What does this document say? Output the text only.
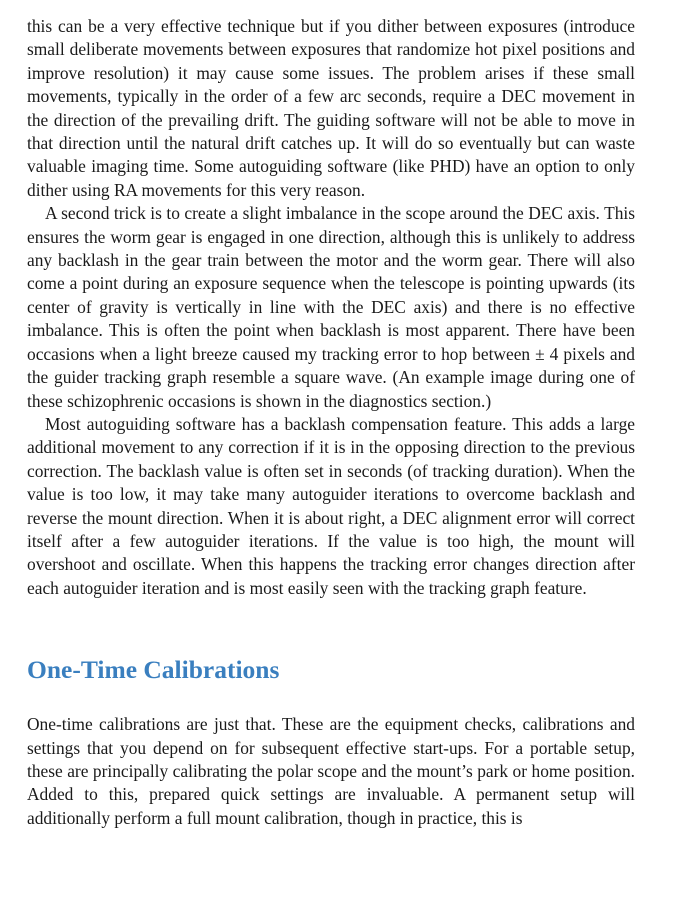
this can be a very effective technique but if you dither between exposures (introduce small deliberate movements between exposures that randomize hot pixel positions and improve resolution) it may cause some issues. The problem arises if these small movements, typically in the order of a few arc seconds, require a DEC movement in the direction of the prevailing drift. The guiding software will not be able to move in that direction until the natural drift catches up. It will do so eventually but can waste valuable imaging time. Some autoguiding software (like PHD) have an option to only dither using RA movements for this very reason.

A second trick is to create a slight imbalance in the scope around the DEC axis. This ensures the worm gear is engaged in one direction, although this is unlikely to address any backlash in the gear train between the motor and the worm gear. There will also come a point during an exposure sequence when the telescope is pointing upwards (its center of gravity is vertically in line with the DEC axis) and there is no effective imbalance. This is often the point when backlash is most apparent. There have been occasions when a light breeze caused my tracking error to hop between ± 4 pixels and the guider tracking graph resemble a square wave. (An example image during one of these schizophrenic occasions is shown in the diagnostics section.)

Most autoguiding software has a backlash compensation feature. This adds a large additional movement to any correction if it is in the opposing direction to the previous correction. The backlash value is often set in seconds (of tracking duration). When the value is too low, it may take many autoguider iterations to overcome backlash and reverse the mount direction. When it is about right, a DEC alignment error will correct itself after a few autoguider iterations. If the value is too high, the mount will overshoot and oscillate. When this happens the tracking error changes direction after each autoguider iteration and is most easily seen with the tracking graph feature.

One-Time Calibrations

One-time calibrations are just that. These are the equipment checks, calibrations and settings that you depend on for subsequent effective start-ups. For a portable setup, these are principally calibrating the polar scope and the mount’s park or home position. Added to this, prepared quick settings are invaluable. A permanent setup will additionally perform a full mount calibration, though in practice, this is
